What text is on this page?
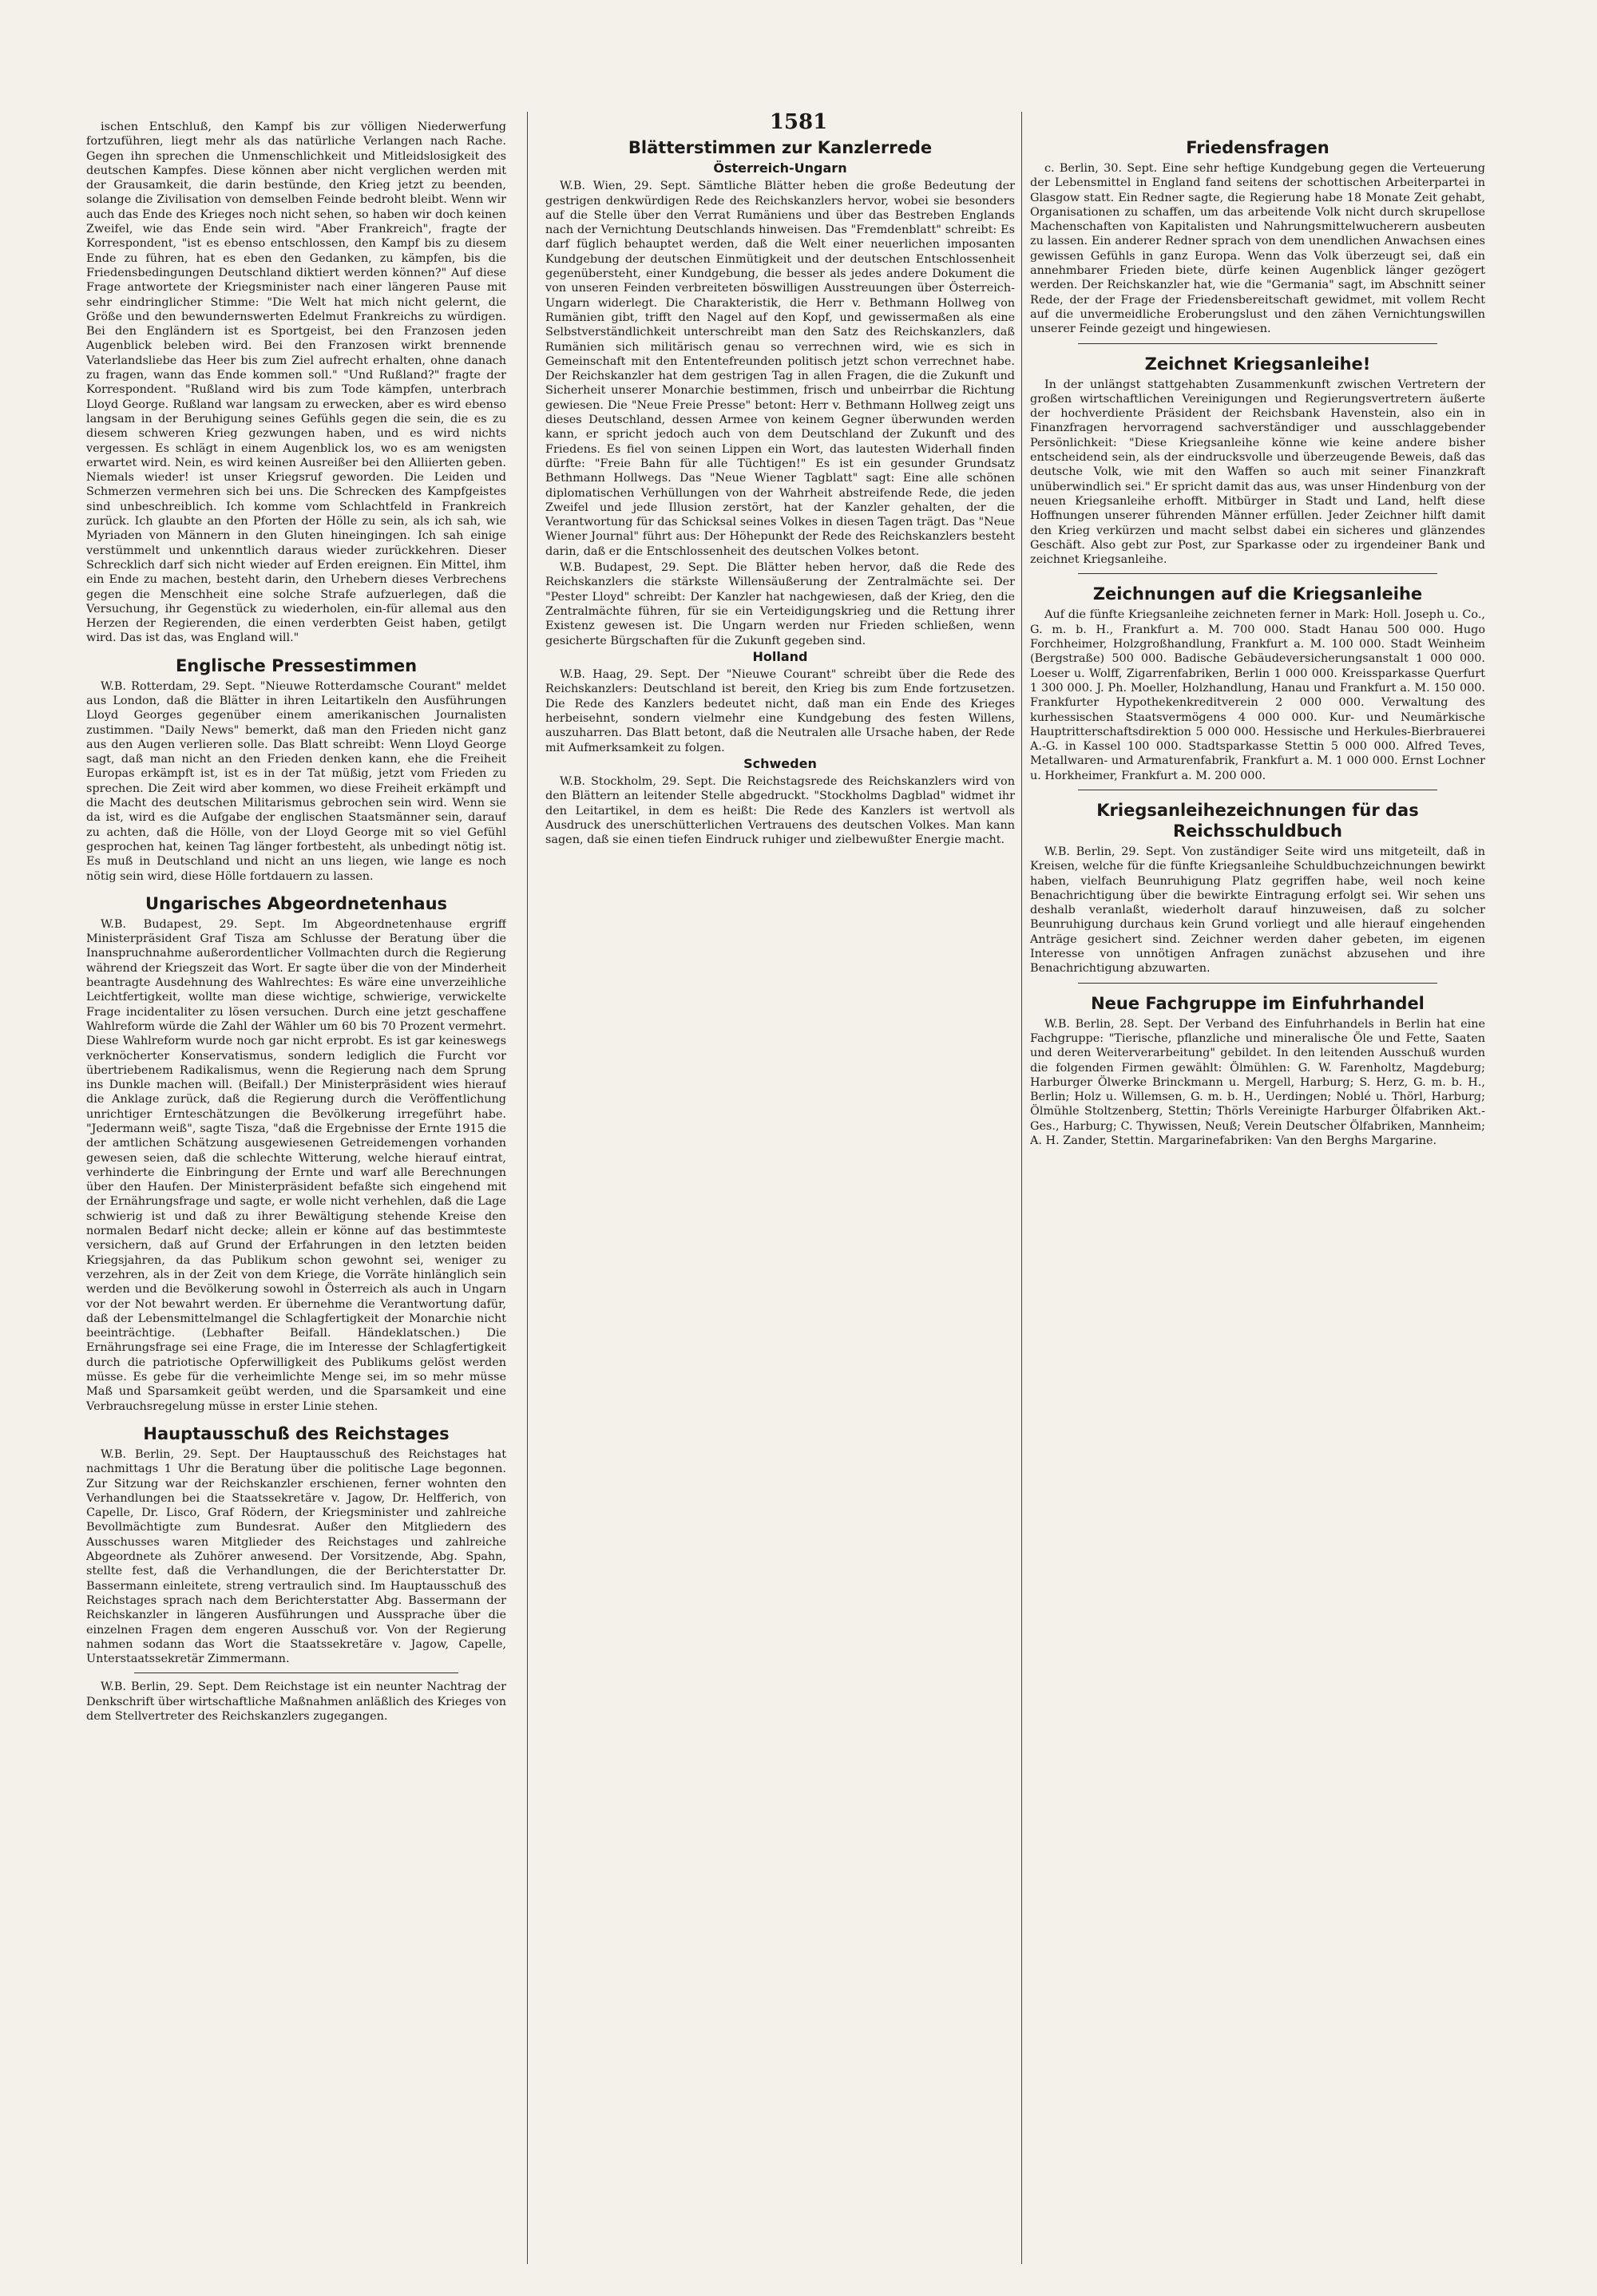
1581

ischen Entschluß, den Kampf bis zur völligen Niederwerfung fortzuführen, liegt mehr als das natürliche Verlangen nach Rache. Gegen ihn sprechen die Unmenschlichkeit und Mitleidslosigkeit des deutschen Kampfes. Diese können aber nicht verglichen werden mit der Grausamkeit, die darin bestünde, den Krieg jetzt zu beenden, solange die Zivilisation von demselben Feinde bedroht bleibt. Wenn wir auch das Ende des Krieges noch nicht sehen, so haben wir doch keinen Zweifel, wie das Ende sein wird. "Aber Frankreich", fragte der Korrespondent, "ist es ebenso entschlossen, den Kampf bis zu diesem Ende zu führen, hat es eben den Gedanken, zu kämpfen, bis die Friedensbedingungen Deutschland diktiert werden können?" Auf diese Frage antwortete der Kriegsminister nach einer längeren Pause mit sehr eindringlicher Stimme: "Die Welt hat mich nicht gelernt, die Größe und den bewundernswerten Edelmut Frankreichs zu würdigen. Bei den Engländern ist es Sportgeist, bei den Franzosen jeden Augenblick beleben wird. Bei den Franzosen wirkt brennende Vaterlandsliebe das Heer bis zum Ziel aufrecht erhalten, ohne danach zu fragen, wann das Ende kommen soll." "Und Rußland?" fragte der Korrespondent. "Rußland wird bis zum Tode kämpfen, unterbrach Lloyd George. Rußland war langsam zu erwecken, aber es wird ebenso langsam in der Beruhigung seines Gefühls gegen die sein, die es zu diesem schweren Krieg gezwungen haben, und es wird nichts vergessen. Es schlägt in einem Augenblick los, wo es am wenigsten erwartet wird. Nein, es wird keinen Ausreißer bei den Alliierten geben. Niemals wieder! ist unser Kriegsruf geworden. Die Leiden und Schmerzen vermehren sich bei uns. Die Schrecken des Kampfgeistes sind unbeschreiblich. Ich komme vom Schlachtfeld in Frankreich zurück. Ich glaubte an den Pforten der Hölle zu sein, als ich sah, wie Myriaden von Männern in den Gluten hineingingen. Ich sah einige verstümmelt und unkenntlich daraus wieder zurückkehren. Dieser Schrecklich darf sich nicht wieder auf Erden ereignen. Ein Mittel, ihm ein Ende zu machen, besteht darin, den Urhebern dieses Verbrechens gegen die Menschheit eine solche Strafe aufzuerlegen, daß die Versuchung, ihr Gegenstück zu wiederholen, ein-für allemal aus den Herzen der Regierenden, die einen verderbten Geist haben, getilgt wird. Das ist das, was England will."

Englische Pressestimmen

W.B. Rotterdam, 29. Sept. "Nieuwe Rotterdamsche Courant" meldet aus London, daß die Blätter in ihren Leitartikeln den Ausführungen Lloyd Georges gegenüber einem amerikanischen Journalisten zustimmen. "Daily News" bemerkt, daß man den Frieden nicht ganz aus den Augen verlieren solle. Das Blatt schreibt: Wenn Lloyd George sagt, daß man nicht an den Frieden denken kann, ehe die Freiheit Europas erkämpft ist, ist es in der Tat müßig, jetzt vom Frieden zu sprechen. Die Zeit wird aber kommen, wo diese Freiheit erkämpft und die Macht des deutschen Militarismus gebrochen sein wird. Wenn sie da ist, wird es die Aufgabe der englischen Staatsmänner sein, darauf zu achten, daß die Hölle, von der Lloyd George mit so viel Gefühl gesprochen hat, keinen Tag länger fortbesteht, als unbedingt nötig ist. Es muß in Deutschland und nicht an uns liegen, wie lange es noch nötig sein wird, diese Hölle fortdauern zu lassen.

Ungarisches Abgeordnetenhaus

W.B. Budapest, 29. Sept. Im Abgeordnetenhause ergriff Ministerpräsident Graf Tisza am Schlusse der Beratung über die Inanspruchnahme außerordentlicher Vollmachten durch die Regierung während der Kriegszeit das Wort. Er sagte über die von der Minderheit beantragte Ausdehnung des Wahlrechtes: Es wäre eine unverzeihliche Leichtfertigkeit, wollte man diese wichtige, schwierige, verwickelte Frage incidentaliter zu lösen versuchen. Durch eine jetzt geschaffene Wahlreform würde die Zahl der Wähler um 60 bis 70 Prozent vermehrt. Diese Wahlreform wurde noch gar nicht erprobt. Es ist gar keineswegs verknöcherter Konservatismus, sondern lediglich die Furcht vor übertriebenem Radikalismus, wenn die Regierung nach dem Sprung ins Dunkle machen will. (Beifall.) Der Ministerpräsident wies hierauf die Anklage zurück, daß die Regierung durch die Veröffentlichung unrichtiger Ernteschätzungen die Bevölkerung irregeführt habe. "Jedermann weiß", sagte Tisza, "daß die Ergebnisse der Ernte 1915 die der amtlichen Schätzung ausgewiesenen Getreidemengen vorhanden gewesen seien, daß die schlechte Witterung, welche hierauf eintrat, verhinderte die Einbringung der Ernte und warf alle Berechnungen über den Haufen. Der Ministerpräsident befaßte sich eingehend mit der Ernährungsfrage und sagte, er wolle nicht verhehlen, daß die Lage schwierig ist und daß zu ihrer Bewältigung stehende Kreise den normalen Bedarf nicht decke; allein er könne auf das bestimmteste versichern, daß auf Grund der Erfahrungen in den letzten beiden Kriegsjahren, da das Publikum schon gewohnt sei, weniger zu verzehren, als in der Zeit von dem Kriege, die Vorräte hinlänglich sein werden und die Bevölkerung sowohl in Österreich als auch in Ungarn vor der Not bewahrt werden. Er übernehme die Verantwortung dafür, daß der Lebensmittelmangel die Schlagfertigkeit der Monarchie nicht beeinträchtige. (Lebhafter Beifall. Händeklatschen.) Die Ernährungsfrage sei eine Frage, die im Interesse der Schlagfertigkeit durch die patriotische Opferwilligkeit des Publikums gelöst werden müsse. Es gebe für die verheimlichte Menge sei, im so mehr müsse Maß und Sparsamkeit geübt werden, und die Sparsamkeit und eine Verbrauchsregelung müsse in erster Linie stehen.

Hauptausschuß des Reichstages

W.B. Berlin, 29. Sept. Der Hauptausschuß des Reichstages hat nachmittags 1 Uhr die Beratung über die politische Lage begonnen. Zur Sitzung war der Reichskanzler erschienen, ferner wohnten den Verhandlungen bei die Staatssekretäre v. Jagow, Dr. Helfferich, von Capelle, Dr. Lisco, Graf Rödern, der Kriegsminister und zahlreiche Bevollmächtigte zum Bundesrat. Außer den Mitgliedern des Ausschusses waren Mitglieder des Reichstages und zahlreiche Abgeordnete als Zuhörer anwesend. Der Vorsitzende, Abg. Spahn, stellte fest, daß die Verhandlungen, die der Berichterstatter Dr. Bassermann einleitete, streng vertraulich sind. Im Hauptausschuß des Reichstages sprach nach dem Berichterstatter Abg. Bassermann der Reichskanzler in längeren Ausführungen und Aussprache über die einzelnen Fragen dem engeren Ausschuß vor. Von der Regierung nahmen sodann das Wort die Staatssekretäre v. Jagow, Capelle, Unterstaatssekretär Zimmermann.

W.B. Berlin, 29. Sept. Dem Reichstage ist ein neunter Nachtrag der Denkschrift über wirtschaftliche Maßnahmen anläßlich des Krieges von dem Stellvertreter des Reichskanzlers zugegangen.

Blätterstimmen zur Kanzlerrede
Österreich-Ungarn

W.B. Wien, 29. Sept. Sämtliche Blätter heben die große Bedeutung der gestrigen denkwürdigen Rede des Reichskanzlers hervor, wobei sie besonders auf die Stelle über den Verrat Rumäniens und über das Bestreben Englands nach der Vernichtung Deutschlands hinweisen. Das "Fremdenblatt" schreibt: Es darf füglich behauptet werden, daß die Welt einer neuerlichen imposanten Kundgebung der deutschen Einmütigkeit und der deutschen Entschlossenheit gegenübersteht, einer Kundgebung, die besser als jedes andere Dokument die von unseren Feinden verbreiteten böswilligen Ausstreuungen über Österreich-Ungarn widerlegt. Die Charakteristik, die Herr v. Bethmann Hollweg von Rumänien gibt, trifft den Nagel auf den Kopf, und gewissermaßen als eine Selbstverständlichkeit unterschreibt man den Satz des Reichskanzlers, daß Rumänien sich militärisch genau so verrechnen wird, wie es sich in Gemeinschaft mit den Ententefreunden politisch jetzt schon verrechnet habe. Der Reichskanzler hat dem gestrigen Tag in allen Fragen, die die Zukunft und Sicherheit unserer Monarchie bestimmen, frisch und unbeirrbar die Richtung gewiesen. Die "Neue Freie Presse" betont: Herr v. Bethmann Hollweg zeigt uns dieses Deutschland, dessen Armee von keinem Gegner überwunden werden kann, er spricht jedoch auch von dem Deutschland der Zukunft und des Friedens. Es fiel von seinen Lippen ein Wort, das lautesten Widerhall finden dürfte: "Freie Bahn für alle Tüchtigen!" Es ist ein gesunder Grundsatz Bethmann Hollwegs. Das "Neue Wiener Tagblatt" sagt: Eine alle schönen diplomatischen Verhüllungen von der Wahrheit abstreifende Rede, die jeden Zweifel und jede Illusion zerstört, hat der Kanzler gehalten, der die Verantwortung für das Schicksal seines Volkes in diesen Tagen trägt. Das "Neue Wiener Journal" führt aus: Der Höhepunkt der Rede des Reichskanzlers besteht darin, daß er die Entschlossenheit des deutschen Volkes betont.

W.B. Budapest, 29. Sept. Die Blätter heben hervor, daß die Rede des Reichskanzlers die stärkste Willensäußerung der Zentralmächte sei. Der "Pester Lloyd" schreibt: Der Kanzler hat nachgewiesen, daß der Krieg, den die Zentralmächte führen, für sie ein Verteidigungskrieg und die Rettung ihrer Existenz gewesen ist. Die Ungarn werden nur Frieden schließen, wenn gesicherte Bürgschaften für die Zukunft gegeben sind.

Holland

W.B. Haag, 29. Sept. Der "Nieuwe Courant" schreibt über die Rede des Reichskanzlers: Deutschland ist bereit, den Krieg bis zum Ende fortzusetzen. Die Rede des Kanzlers bedeutet nicht, daß man ein Ende des Krieges herbeisehnt, sondern vielmehr eine Kundgebung des festen Willens, auszuharren. Das Blatt betont, daß die Neutralen alle Ursache haben, der Rede mit Aufmerksamkeit zu folgen.

Schweden

W.B. Stockholm, 29. Sept. Die Reichstagsrede des Reichskanzlers wird von den Blättern an leitender Stelle abgedruckt. "Stockholms Dagblad" widmet ihr den Leitartikel, in dem es heißt: Die Rede des Kanzlers ist wertvoll als Ausdruck des unerschütterlichen Vertrauens des deutschen Volkes. Man kann sagen, daß sie einen tiefen Eindruck ruhiger und zielbewußter Energie macht.

Friedensfragen

c. Berlin, 30. Sept. Eine sehr heftige Kundgebung gegen die Verteuerung der Lebensmittel in England fand seitens der schottischen Arbeiterpartei in Glasgow statt. Ein Redner sagte, die Regierung habe 18 Monate Zeit gehabt, Organisationen zu schaffen, um das arbeitende Volk nicht durch skrupellose Machenschaften von Kapitalisten und Nahrungsmittelwucherern ausbeuten zu lassen. Ein anderer Redner sprach von dem unendlichen Anwachsen eines gewissen Gefühls in ganz Europa. Wenn das Volk überzeugt sei, daß ein annehmbarer Frieden biete, dürfe keinen Augenblick länger gezögert werden. Der Reichskanzler hat, wie die "Germania" sagt, im Abschnitt seiner Rede, der der Frage der Friedensbereitschaft gewidmet, mit vollem Recht auf die unvermeidliche Eroberungslust und den zähen Vernichtungswillen unserer Feinde gezeigt und hingewiesen.

Zeichnet Kriegsanleihe!

In der unlängst stattgehabten Zusammenkunft zwischen Vertretern der großen wirtschaftlichen Vereinigungen und Regierungsvertretern äußerte der hochverdiente Präsident der Reichsbank Havenstein, also ein in Finanzfragen hervorragend sachverständiger und ausschlaggebender Persönlichkeit: "Diese Kriegsanleihe könne wie keine andere bisher entscheidend sein, als der eindrucksvolle und überzeugende Beweis, daß das deutsche Volk, wie mit den Waffen so auch mit seiner Finanzkraft unüberwindlich sei." Er spricht damit das aus, was unser Hindenburg von der neuen Kriegsanleihe erhofft. Mitbürger in Stadt und Land, helft diese Hoffnungen unserer führenden Männer erfüllen. Jeder Zeichner hilft damit den Krieg verkürzen und macht selbst dabei ein sicheres und glänzendes Geschäft. Also gebt zur Post, zur Sparkasse oder zu irgendeiner Bank und zeichnet Kriegsanleihe.

Zeichnungen auf die Kriegsanleihe

Auf die fünfte Kriegsanleihe zeichneten ferner in Mark: Holl. Joseph u. Co., G. m. b. H., Frankfurt a. M. 700 000. Stadt Hanau 500 000. Hugo Forchheimer, Holzgroßhandlung, Frankfurt a. M. 100 000. Stadt Weinheim (Bergstraße) 500 000. Badische Gebäudeversicherungsanstalt 1 000 000. Loeser u. Wolff, Zigarrenfabriken, Berlin 1 000 000. Kreissparkasse Querfurt 1 300 000. J. Ph. Moeller, Holzhandlung, Hanau und Frankfurt a. M. 150 000. Frankfurter Hypothekenkreditverein 2 000 000. Verwaltung des kurhessischen Staatsvermögens 4 000 000. Kur- und Neumärkische Hauptritterschaftsdirektion 5 000 000. Hessische und Herkules-Bierbrauerei A.-G. in Kassel 100 000. Stadtsparkasse Stettin 5 000 000. Alfred Teves, Metallwaren- und Armaturenfabrik, Frankfurt a. M. 1 000 000. Ernst Lochner u. Horkheimer, Frankfurt a. M. 200 000.

Kriegsanleihezeichnungen für das Reichsschuldbuch

W.B. Berlin, 29. Sept. Von zuständiger Seite wird uns mitgeteilt, daß in Kreisen, welche für die fünfte Kriegsanleihe Schuldbuchzeichnungen bewirkt haben, vielfach Beunruhigung Platz gegriffen habe, weil noch keine Benachrichtigung über die bewirkte Eintragung erfolgt sei. Wir sehen uns deshalb veranlaßt, wiederholt darauf hinzuweisen, daß zu solcher Beunruhigung durchaus kein Grund vorliegt und alle hierauf eingehenden Anträge gesichert sind. Zeichner werden daher gebeten, im eigenen Interesse von unnötigen Anfragen zunächst abzusehen und ihre Benachrichtigung abzuwarten.

Neue Fachgruppe im Einfuhrhandel

W.B. Berlin, 28. Sept. Der Verband des Einfuhrhandels in Berlin hat eine Fachgruppe: "Tierische, pflanzliche und mineralische Öle und Fette, Saaten und deren Weiterverarbeitung" gebildet. In den leitenden Ausschuß wurden die folgenden Firmen gewählt: Ölmühlen: G. W. Farenholtz, Magdeburg; Harburger Ölwerke Brinckmann u. Mergell, Harburg; S. Herz, G. m. b. H., Berlin; Holz u. Willemsen, G. m. b. H., Uerdingen; Noblé u. Thörl, Harburg; Ölmühle Stoltzenberg, Stettin; Thörls Vereinigte Harburger Ölfabriken Akt.-Ges., Harburg; C. Thywissen, Neuß; Verein Deutscher Ölfabriken, Mannheim; A. H. Zander, Stettin. Margarinefabriken: Van den Berghs Margarine.
